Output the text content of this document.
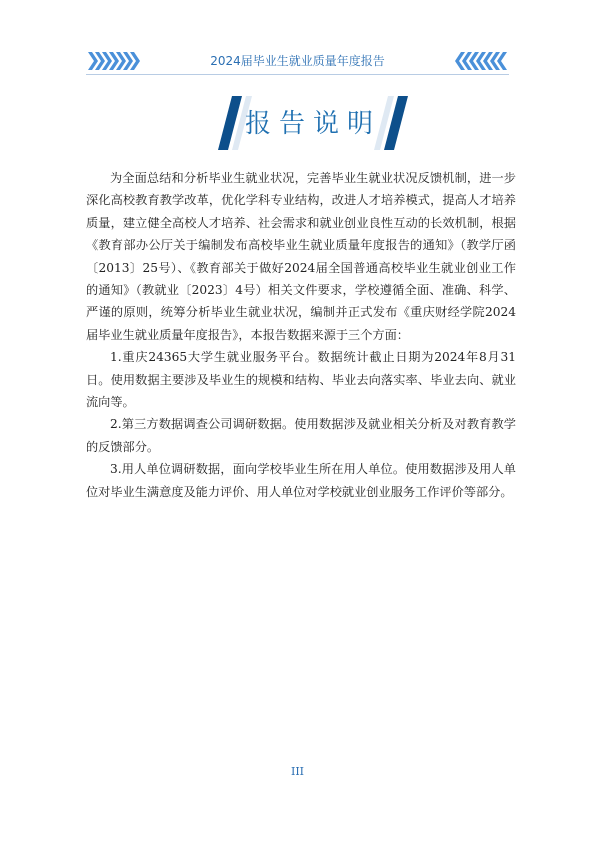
2024届毕业生就业质量年度报告
报告说明

为全面总结和分析毕业生就业状况，完善毕业生就业状况反馈机制，进一步深化高校教育教学改革，优化学科专业结构，改进人才培养模式，提高人才培养质量，建立健全高校人才培养、社会需求和就业创业良性互动的长效机制，根据《教育部办公厅关于编制发布高校毕业生就业质量年度报告的通知》（教学厅函〔2013〕25号）、《教育部关于做好2024届全国普通高校毕业生就业创业工作的通知》（教就业〔2023〕4号）相关文件要求，学校遵循全面、准确、科学、严谨的原则，统筹分析毕业生就业状况，编制并正式发布《重庆财经学院2024届毕业生就业质量年度报告》，本报告数据来源于三个方面：

1.重庆24365大学生就业服务平台。数据统计截止日期为2024年8月31日。使用数据主要涉及毕业生的规模和结构、毕业去向落实率、毕业去向、就业流向等。

2.第三方数据调查公司调研数据。使用数据涉及就业相关分析及对教育教学的反馈部分。

3.用人单位调研数据，面向学校毕业生所在用人单位。使用数据涉及用人单位对毕业生满意度及能力评价、用人单位对学校就业创业服务工作评价等部分。

III
